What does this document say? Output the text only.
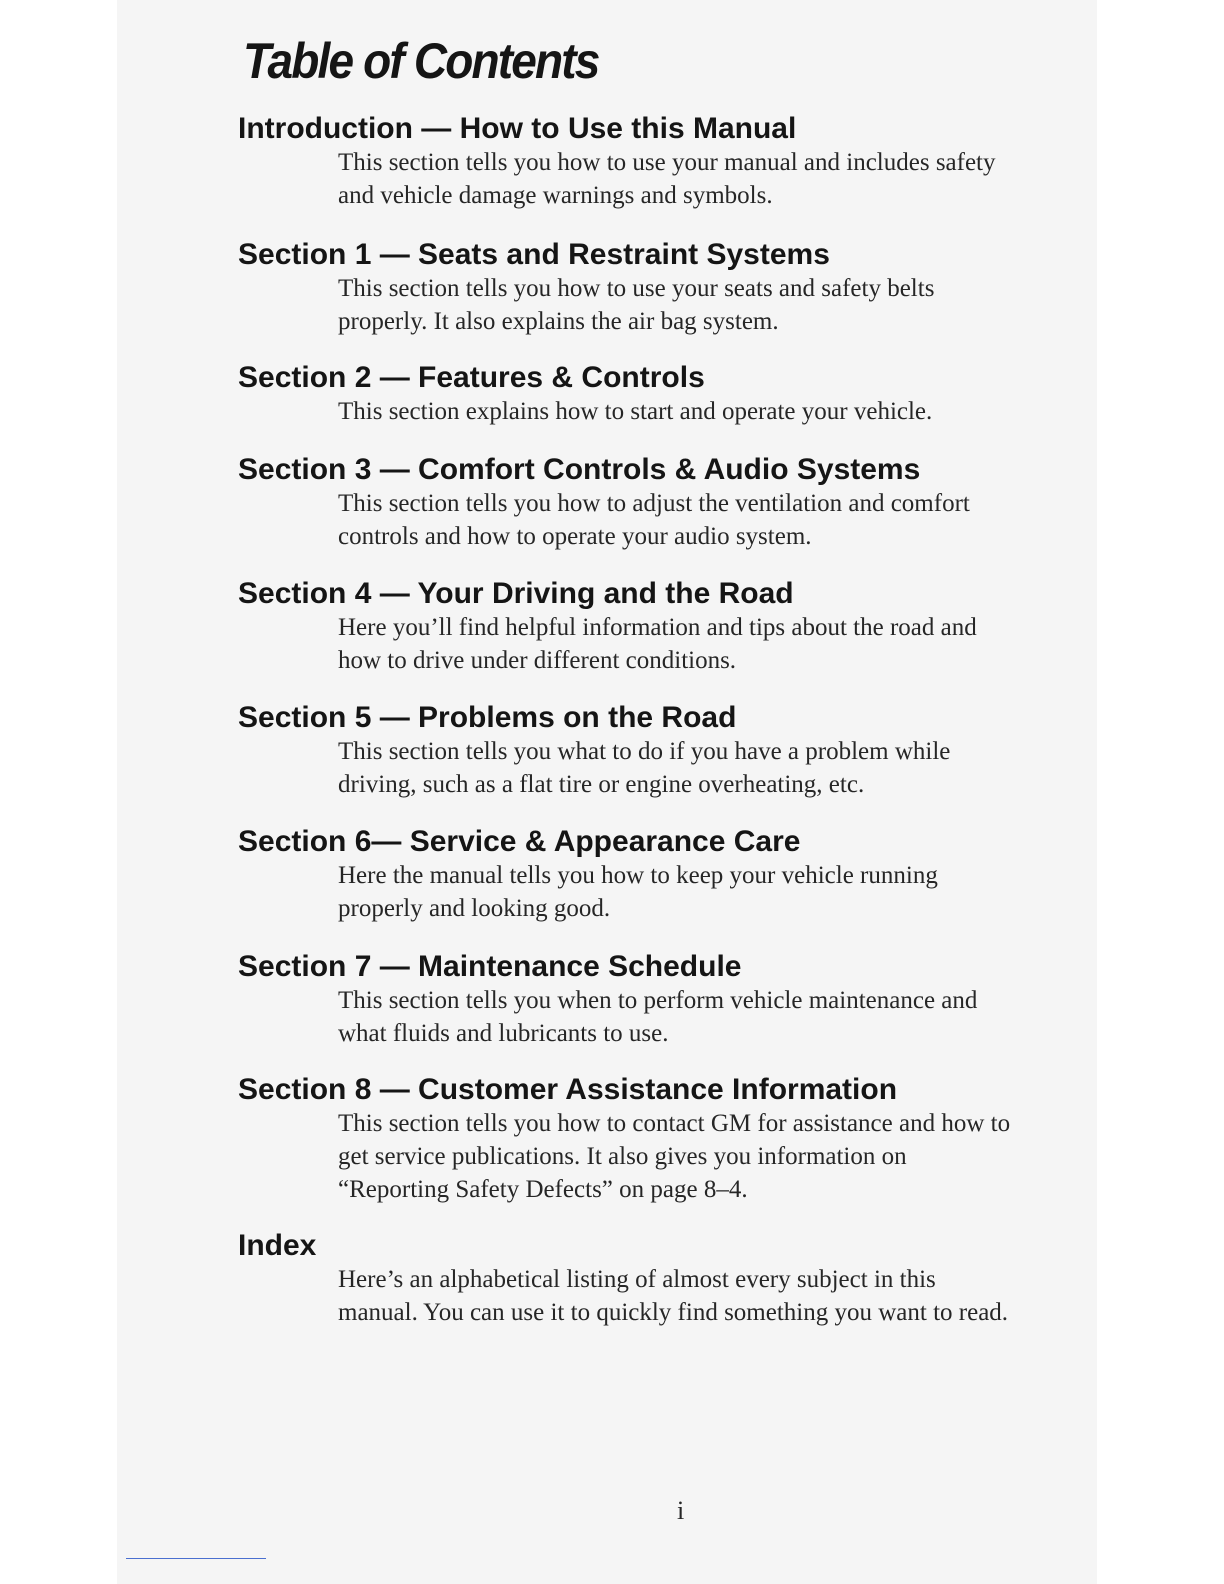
Table of Contents
Introduction — How to Use this Manual

This section tells you how to use your manual and includes safety
and vehicle damage warnings and symbols.

Section 1 — Seats and Restraint Systems

This section tells you how to use your seats and safety belts
properly. It also explains the air bag system.

Section 2 — Features & Controls

This section explains how to start and operate your vehicle.

Section 3 — Comfort Controls & Audio Systems

This section tells you how to adjust the ventilation and comfort
controls and how to operate your audio system.

Section 4 — Your Driving and the Road

Here you’ll find helpful information and tips about the road and
how to drive under different conditions.

Section 5 — Problems on the Road

This section tells you what to do if you have a problem while
driving, such as a flat tire or engine overheating, etc.

Section 6— Service & Appearance Care

Here the manual tells you how to keep your vehicle running
properly and looking good.

Section 7 — Maintenance Schedule

This section tells you when to perform vehicle maintenance and
what fluids and lubricants to use.

Section 8 — Customer Assistance Information

This section tells you how to contact GM for assistance and how to
get service publications. It also gives you information on
“Reporting Safety Defects” on page 8–4.

Index

Here’s an alphabetical listing of almost every subject in this
manual. You can use it to quickly find something you want to read.

i
